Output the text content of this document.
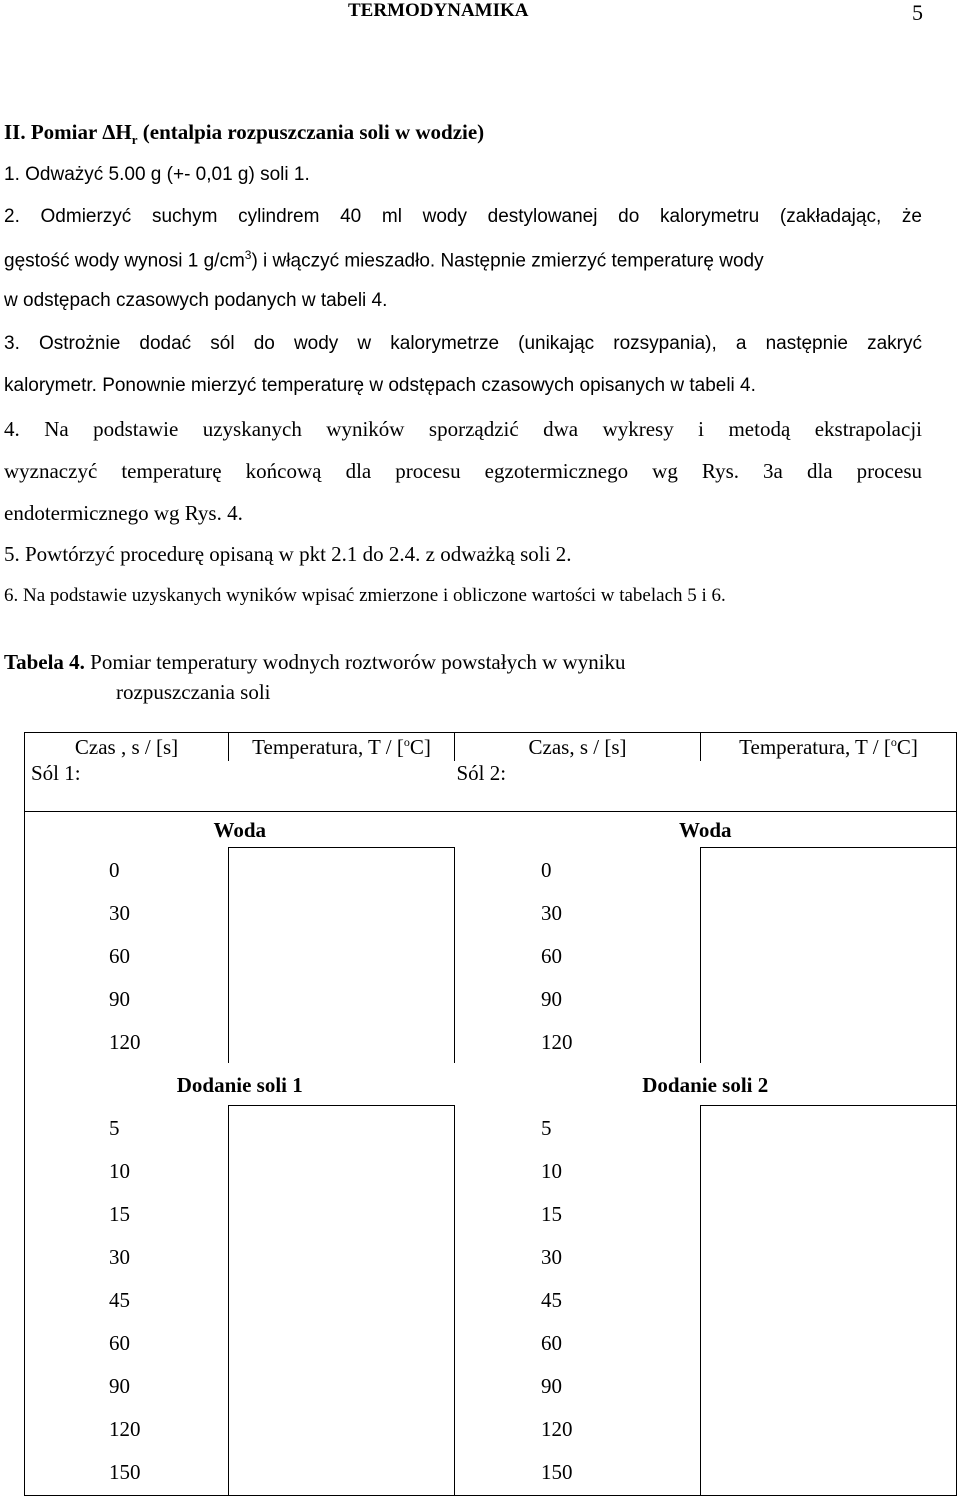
TERMODYNAMIKA	5
II. Pomiar $\Delta H_r$ (entalpia rozpuszczania soli w wodzie)
1. Odważyć 5.00 g (+- 0,01 g) soli 1.
2. Odmierzyć suchym cylindrem 40 ml wody destylowanej do kalorymetru (zakładając, że
gęstość wody wynosi 1 $g/cm^3$) i włączyć mieszadło. Następnie zmierzyć temperaturę wody
w odstępach czasowych podanych w tabeli 4.
3. Ostrożnie dodać sól do wody w kalorymetrze (unikając rozsypania), a następnie zakryć
kalorymetr. Ponownie mierzyć temperaturę w odstępach czasowych opisanych w tabeli 4.
4. Na podstawie uzyskanych wyników sporządzić dwa wykresy i metodą ekstrapolacji
wyznaczyć temperaturę końcową dla procesu egzotermicznego wg Rys. 3a dla procesu
endotermicznego wg Rys. 4.
5. Powtórzyć procedurę opisaną w pkt 2.1 do 2.4. z odważką soli 2.
6. Na podstawie uzyskanych wyników wpisać zmierzone i obliczone wartości w tabelach 5 i 6.
Tabela 4. Pomiar temperatury wodnych roztworów powstałych w wyniku
rozpuszczania soli
Czas , s / [s]	Temperatura, T / [$^o$C]	Czas, s / [s]	Temperatura, T / [$^o$C]
Sól 1:		Sól 2:	
Woda		Woda	
0		0	
30		30	
60		60	
90		90	
120		120	
Dodanie soli 1		Dodanie soli 2	
5		5	
10		10	
15		15	
30		30	
45		45	
60		60	
90		90	
120		120	
150		150	
